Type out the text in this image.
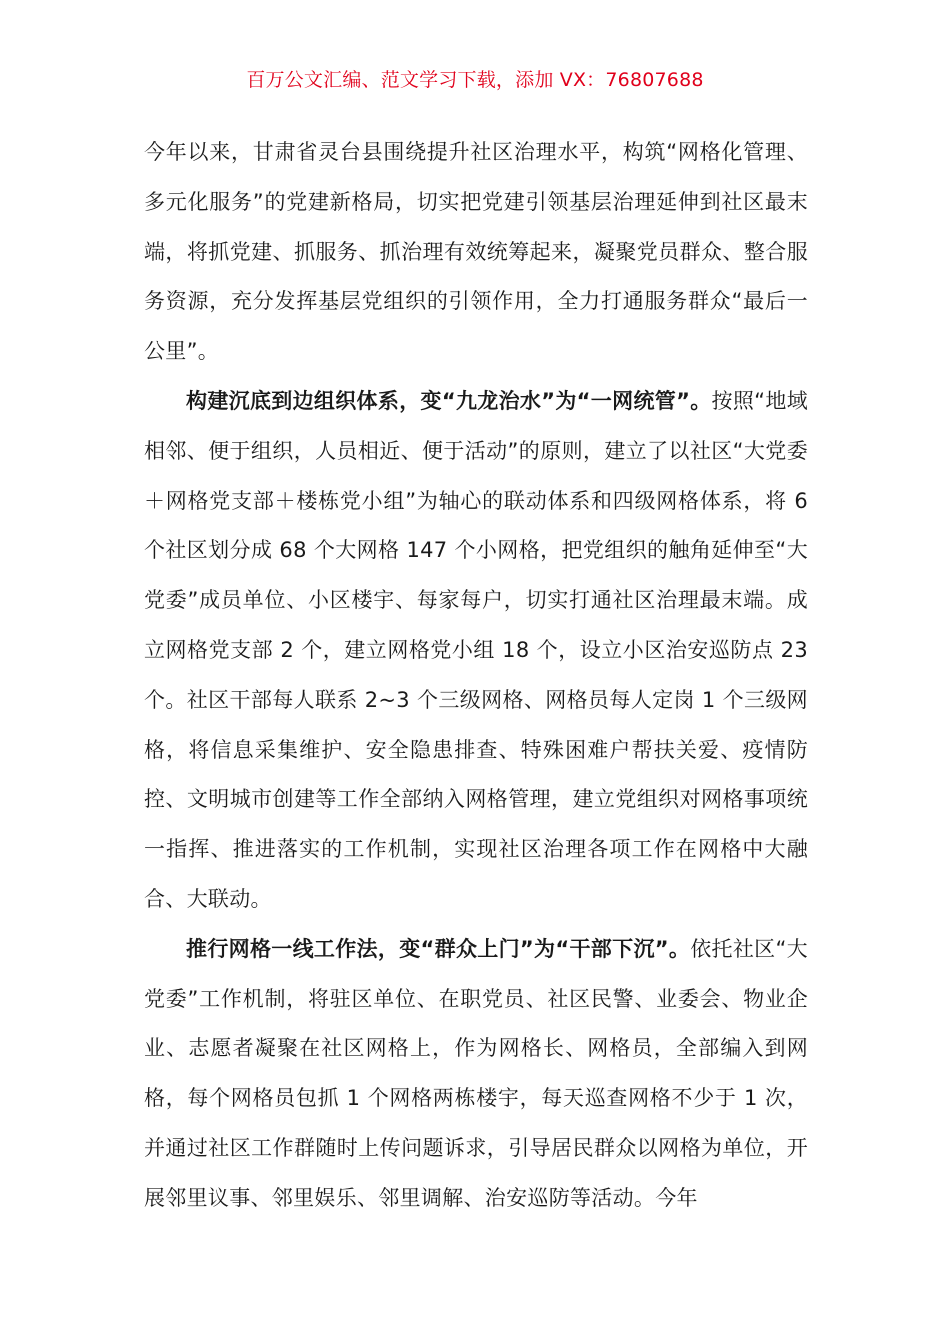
百万公文汇编、范文学习下载，添加 VX：76807688

今年以来，甘肃省灵台县围绕提升社区治理水平，构筑“网格化管理、多元化服务”的党建新格局，切实把党建引领基层治理延伸到社区最末端，将抓党建、抓服务、抓治理有效统筹起来，凝聚党员群众、整合服务资源，充分发挥基层党组织的引领作用，全力打通服务群众“最后一公里”。

构建沉底到边组织体系，变“九龙治水”为“一网统管”。按照“地域相邻、便于组织，人员相近、便于活动”的原则，建立了以社区“大党委＋网格党支部＋楼栋党小组”为轴心的联动体系和四级网格体系，将 6 个社区划分成 68 个大网格 147 个小网格，把党组织的触角延伸至“大党委”成员单位、小区楼宇、每家每户，切实打通社区治理最末端。成立网格党支部 2 个，建立网格党小组 18 个，设立小区治安巡防点 23 个。社区干部每人联系 2~3 个三级网格、网格员每人定岗 1 个三级网格，将信息采集维护、安全隐患排查、特殊困难户帮扶关爱、疫情防控、文明城市创建等工作全部纳入网格管理，建立党组织对网格事项统一指挥、推进落实的工作机制，实现社区治理各项工作在网格中大融合、大联动。

推行网格一线工作法，变“群众上门”为“干部下沉”。依托社区“大党委”工作机制，将驻区单位、在职党员、社区民警、业委会、物业企业、志愿者凝聚在社区网格上，作为网格长、网格员，全部编入到网格，每个网格员包抓 1 个网格两栋楼宇，每天巡查网格不少于 1 次，并通过社区工作群随时上传问题诉求，引导居民群众以网格为单位，开展邻里议事、邻里娱乐、邻里调解、治安巡防等活动。今年
